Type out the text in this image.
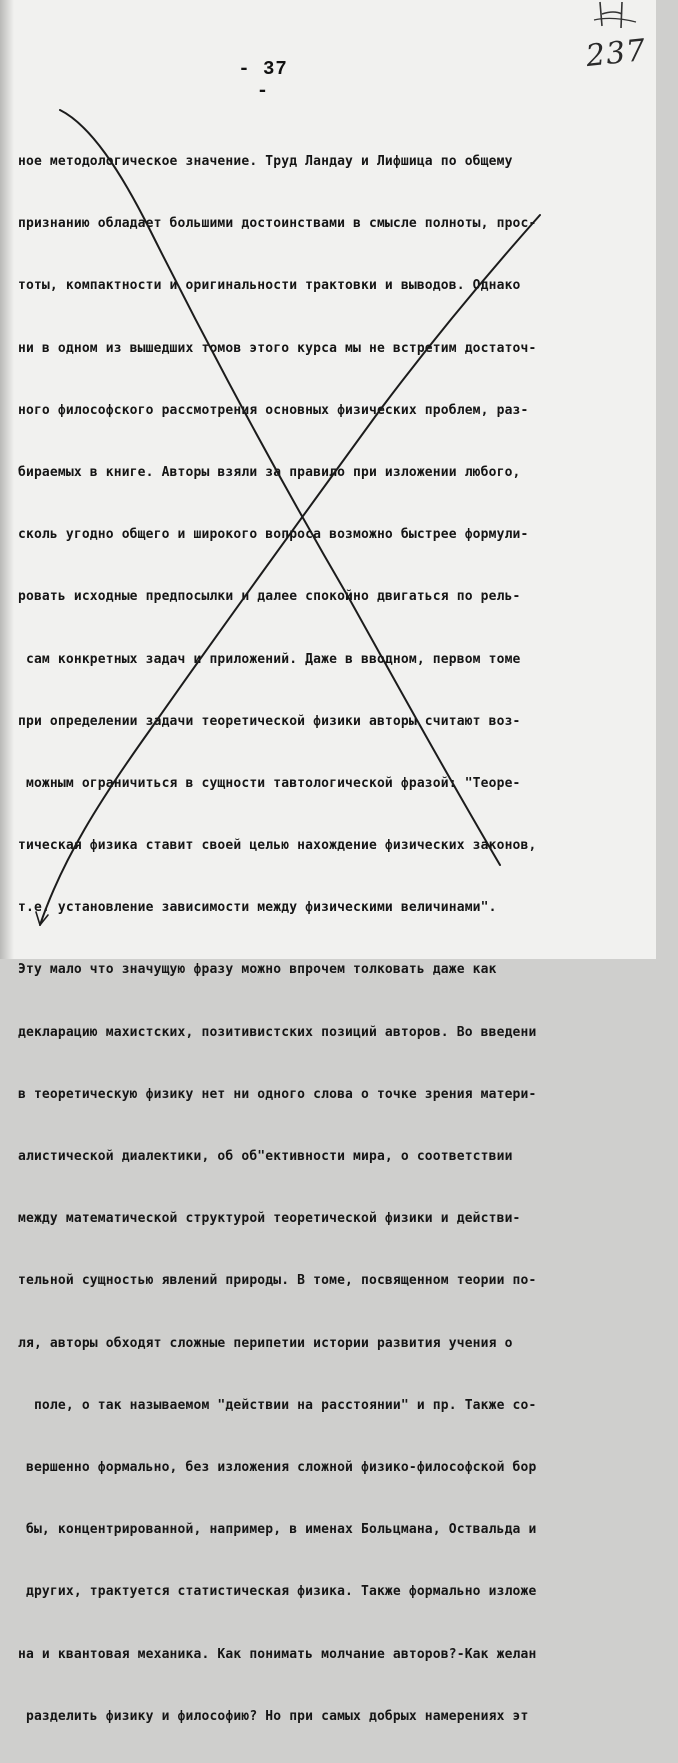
237
- 37 -

ное методологическое значение. Труд Ландау и Лифшица по общему

признанию обладает большими достоинствами в смысле полноты, прос-

тоты, компактности и оригинальности трактовки и выводов. Однако

ни в одном из вышедших томов этого курса мы не встретим достаточ-

ного философского рассмотрения основных физических проблем, раз-

бираемых в книге. Авторы взяли за правило при изложении любого,

сколь угодно общего и широкого вопроса возможно быстрее формули-

ровать исходные предпосылки и далее спокойно двигаться по рель-

сам конкретных задач и приложений. Даже в вводном, первом томе

при определении задачи теоретической физики авторы считают воз-

можным ограничиться в сущности тавтологической фразой: "Теоре-

тическая физика ставит своей целью нахождение физических законов,

т.е. установление зависимости между физическими величинами".

Эту мало что значущую фразу можно впрочем толковать даже как

декларацию махистских, позитивистских позиций авторов. Во введени

в теоретическую физику нет ни одного слова о точке зрения матери-

алистической диалектики, об об"ективности мира, о соответствии

между математической структурой теоретической физики и действи-

тельной сущностью явлений природы. В томе, посвященном теории по-

ля, авторы обходят сложные перипетии истории развития учения о

поле, о так называемом "действии на расстоянии" и пр. Также со-

вершенно формально, без изложения сложной физико-философской бор

бы, концентрированной, например, в именах Больцмана, Оствальда и

других, трактуется статистическая физика. Также формально изложе

на и квантовая механика. Как понимать молчание авторов?-Как желан

разделить физику и философию? Но при самых добрых намерениях эт
